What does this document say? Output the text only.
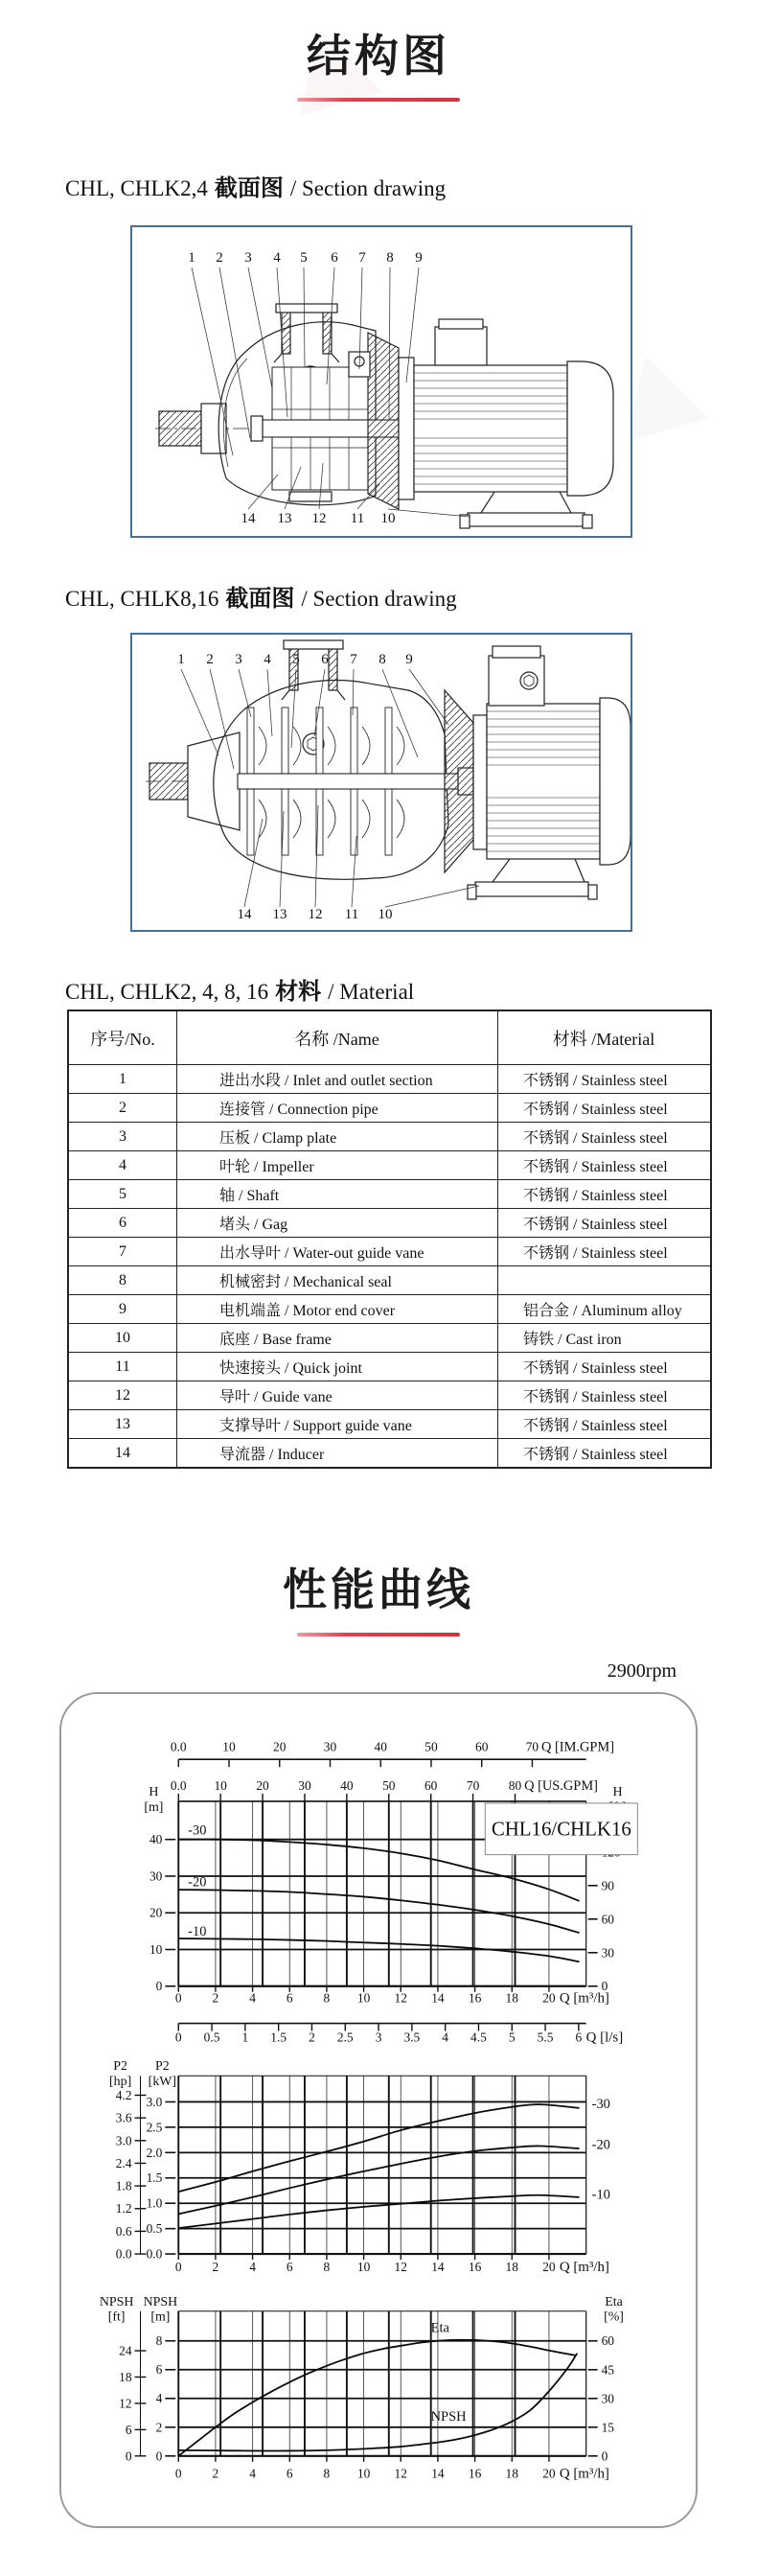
结构图
CHL, CHLK2,4 截面图 / Section drawing
1 2 3 4 5 6 7 8 9
14 13 12 11 10
CHL, CHLK8,16 截面图 / Section drawing
1 2 3 4 5 6 7 8 9
14 13 12 11 10
CHL, CHLK2, 4, 8, 16 材料 / Material
序号/No.	名称 /Name	材料 /Material
1	进出水段 / Inlet and outlet section	不锈钢 / Stainless steel
2	连接管 / Connection pipe	不锈钢 / Stainless steel
3	压板 / Clamp plate	不锈钢 / Stainless steel
4	叶轮 / Impeller	不锈钢 / Stainless steel
5	轴 / Shaft	不锈钢 / Stainless steel
6	堵头 / Gag	不锈钢 / Stainless steel
7	出水导叶 / Water-out guide vane	不锈钢 / Stainless steel
8	机械密封 / Mechanical seal	
9	电机端盖 / Motor end cover	铝合金 / Aluminum alloy
10	底座 / Base frame	铸铁 / Cast iron
11	快速接头 / Quick joint	不锈钢 / Stainless steel
12	导叶 / Guide vane	不锈钢 / Stainless steel
13	支撑导叶 / Support guide vane	不锈钢 / Stainless steel
14	导流器 / Inducer	不锈钢 / Stainless steel
性能曲线
2900rpm
0
10
20
30
40
H
[m]
0
30
60
90
H
0.0	10	20	30	40	50	60	70 Q [IM.GPM]
0.0 10 20 30 40 50 60 70 80 Q [US.GPM]
0 0.5 1 1.5 2 2.5 3 3.5 4 4.5 5 5.5 6 Q [l/s]
0 2 4 6 8 10 12 14 16 18 20 Q [m³/h]
CHL16/CHLK16
-30
-20
-10
0.0
0.5
1.0
1.5
2.0
2.5
3.0
P2
[kW]
0.0
0.6
1.2
1.8
2.4
3.0
3.6
4.2
P2
[hp]
0 2 4 6 8 10 12 14 16 18 20 Q [m³/h]
-30
-20
-10
0
2
4
6
8
NPSH
[m]
0
6
12
18
24
NPSH
[ft]
0
15
30
45
60
Eta
[%]
0 2 4 6 8 10 12 14 16 18 20 Q [m³/h]
Eta
NPSH
